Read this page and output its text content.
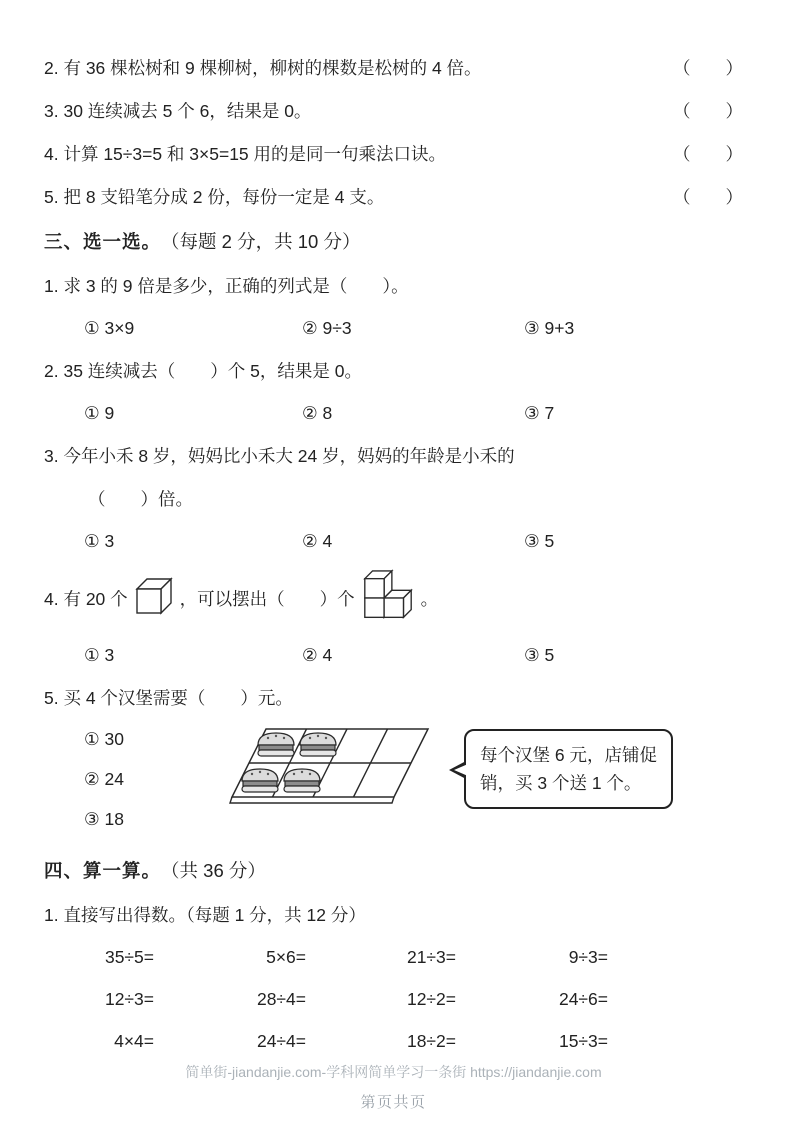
2. 有 36 棵松树和 9 棵柳树，柳树的棵数是松树的 4 倍。	（　　）
3. 30 连续减去 5 个 6，结果是 0。	（　　）
4. 计算 15÷3=5 和 3×5=15 用的是同一句乘法口诀。	（　　）
5. 把 8 支铅笔分成 2 份，每份一定是 4 支。	（　　）
三、选一选。 （每题 2 分，共 10 分）
1. 求 3 的 9 倍是多少，正确的列式是（　　）。
① 3×9	② 9÷3	③ 9+3
2. 35 连续减去（　　）个 5，结果是 0。
① 9	② 8	③ 7
3. 今年小禾 8 岁，妈妈比小禾大 24 岁，妈妈的年龄是小禾的
（　　）倍。
① 3	② 4	③ 5
4. 有 20 个	，可以摆出（　　）个	。
① 3	② 4	③ 5
5. 买 4 个汉堡需要（　　）元。
① 30
② 24
③ 18
每个汉堡 6 元，店铺促
销，买 3 个送 1 个。
四、算一算。 （共 36 分）
1. 直接写出得数。（每题 1 分，共 12 分）
35÷5=	5×6=	21÷3=	9÷3=
12÷3=	28÷4=	12÷2=	24÷6=
4×4=	24÷4=	18÷2=	15÷3=
简单街-jiandanjie.com-学科网简单学习一条街 https://jiandanjie.com
第页共页
